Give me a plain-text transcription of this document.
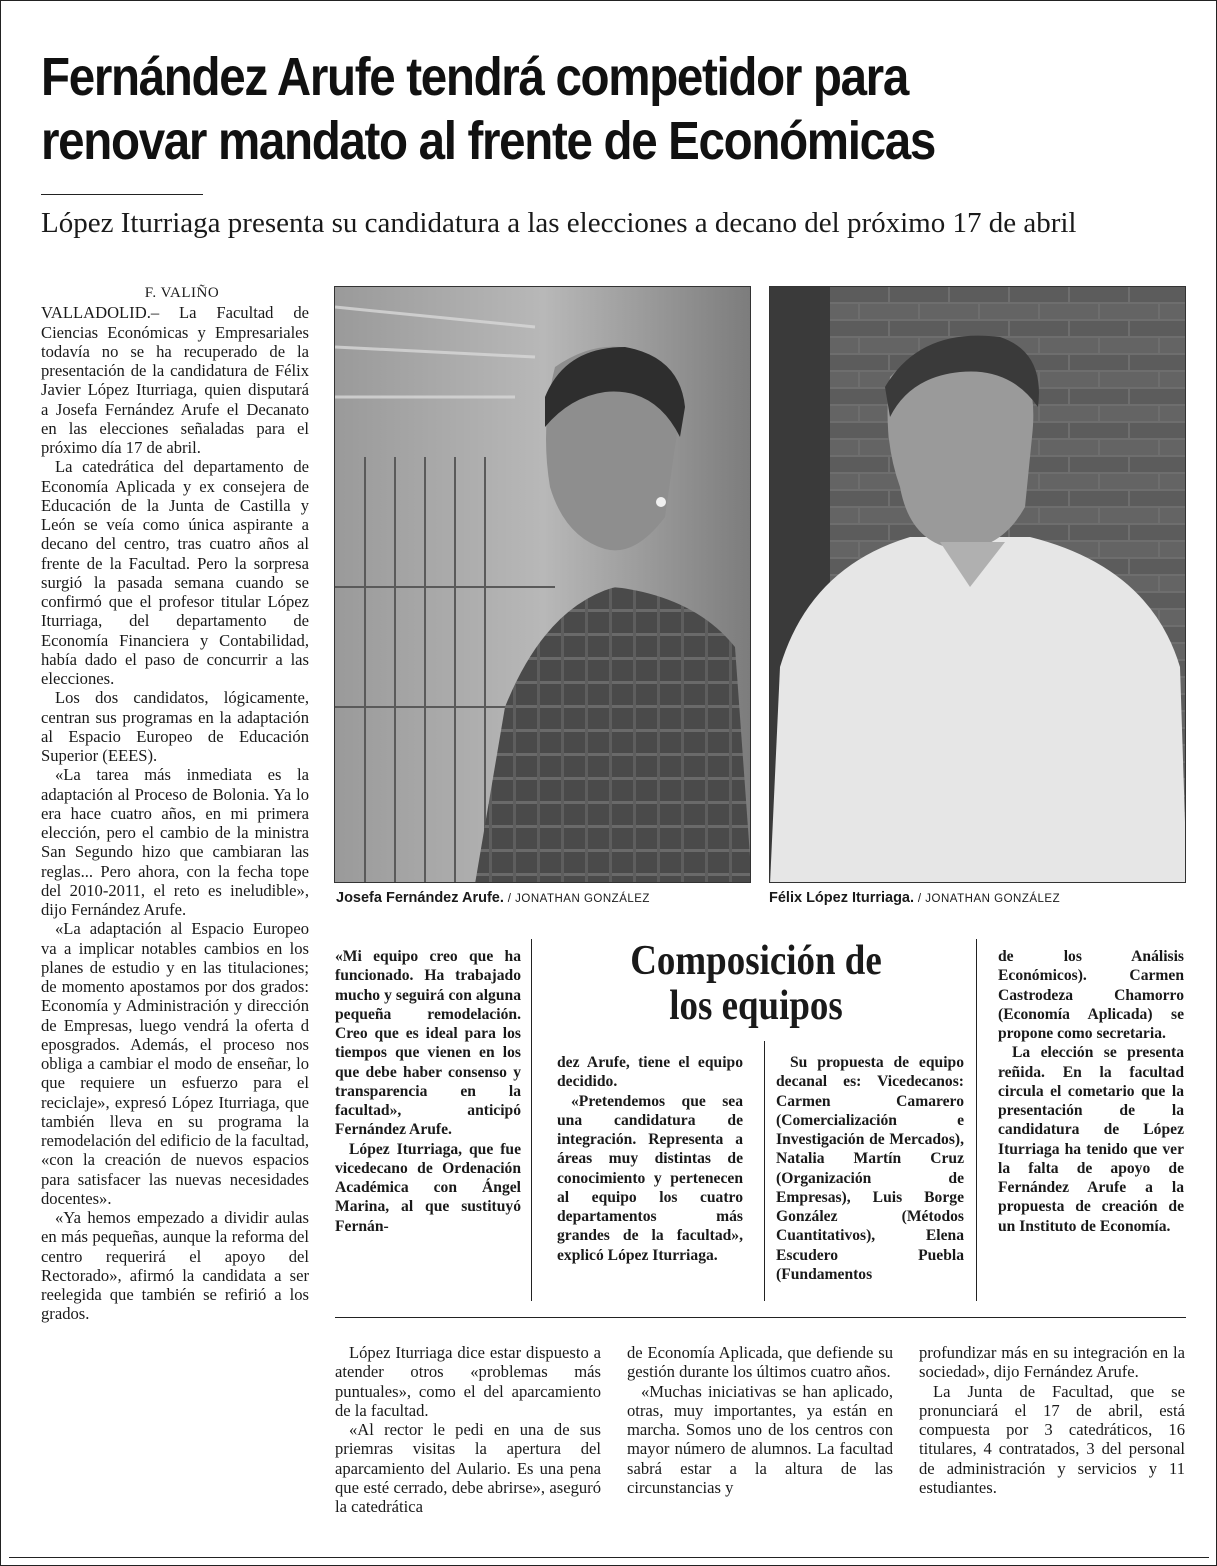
Fernández Arufe tendrá competidor para
renovar mandato al frente de Económicas
López Iturriaga presenta su candidatura a las elecciones a decano del próximo 17 de abril

F. VALIÑO

VALLADOLID.– La Facultad de Ciencias Económicas y Empresariales todavía no se ha recuperado de la presentación de la candidatura de Félix Javier López Iturriaga, quien disputará a Josefa Fernández Arufe el Decanato en las elecciones señaladas para el próximo día 17 de abril.

La catedrática del departamento de Economía Aplicada y ex consejera de Educación de la Junta de Castilla y León se veía como única aspirante a decano del centro, tras cuatro años al frente de la Facultad. Pero la sorpresa surgió la pasada semana cuando se confirmó que el profesor titular López Iturriaga, del departamento de Economía Financiera y Contabilidad, había dado el paso de concurrir a las elecciones.

Los dos candidatos, lógicamente, centran sus programas en la adaptación al Espacio Europeo de Educación Superior (EEES).

«La tarea más inmediata es la adaptación al Proceso de Bolonia. Ya lo era hace cuatro años, en mi primera elección, pero el cambio de la ministra San Segundo hizo que cambiaran las reglas... Pero ahora, con la fecha tope del 2010-2011, el reto es ineludible», dijo Fernández Arufe.

«La adaptación al Espacio Europeo va a implicar notables cambios en los planes de estudio y en las titulaciones; de momento apostamos por dos grados: Economía y Administración y dirección de Empresas, luego vendrá la oferta d eposgrados. Además, el proceso nos obliga a cambiar el modo de enseñar, lo que requiere un esfuerzo para el reciclaje», expresó López Iturriaga, que también lleva en su programa la remodelación del edificio de la facultad, «con la creación de nuevos espacios para satisfacer las nuevas necesidades docentes».

«Ya hemos empezado a dividir aulas en más pequeñas, aunque la reforma del centro requerirá el apoyo del Rectorado», afirmó la candidata a ser reelegida que también se refirió a los grados.

Josefa Fernández Arufe. / JONATHAN GONZÁLEZ	Félix López Iturriaga. / JONATHAN GONZÁLEZ

«Mi equipo creo que ha funcionado. Ha trabajado mucho y seguirá con alguna pequeña remodelación. Creo que es ideal para los tiempos que vienen en los que debe haber consenso y transparencia en la facultad», anticipó Fernández Arufe.

López Iturriaga, que fue vicedecano de Ordenación Académica con Ángel Marina, al que sustituyó Fernán-

Composición de
los equipos

dez Arufe, tiene el equipo decidido.

«Pretendemos que sea una candidatura de integración. Representa a áreas muy distintas de conocimiento y pertenecen al equipo los cuatro departamentos más grandes de la facultad», explicó López Iturriaga.

Su propuesta de equipo decanal es: Vicedecanos: Carmen Camarero (Comercialización e Investigación de Mercados), Natalia Martín Cruz (Organización de Empresas), Luis Borge González (Métodos Cuantitativos), Elena Escudero Puebla (Fundamentos

de los Análisis Económicos). Carmen Castrodeza Chamorro (Economía Aplicada) se propone como secretaria.

La elección se presenta reñida. En la facultad circula el cometario que la presentación de la candidatura de López Iturriaga ha tenido que ver la falta de apoyo de Fernández Arufe a la propuesta de creación de un Instituto de Economía.

López Iturriaga dice estar dispuesto a atender otros «problemas más puntuales», como el del aparcamiento de la facultad.

«Al rector le pedi en una de sus priemras visitas la apertura del aparcamiento del Aulario. Es una pena que esté cerrado, debe abrirse», aseguró la catedrática

de Economía Aplicada, que defiende su gestión durante los últimos cuatro años.

«Muchas iniciativas se han aplicado, otras, muy importantes, ya están en marcha. Somos uno de los centros con mayor número de alumnos. La facultad sabrá estar a la altura de las circunstancias y

profundizar más en su integración en la sociedad», dijo Fernández Arufe.

La Junta de Facultad, que se pronunciará el 17 de abril, está compuesta por 3 catedráticos, 16 titulares, 4 contratados, 3 del personal de administración y servicios y 11 estudiantes.
